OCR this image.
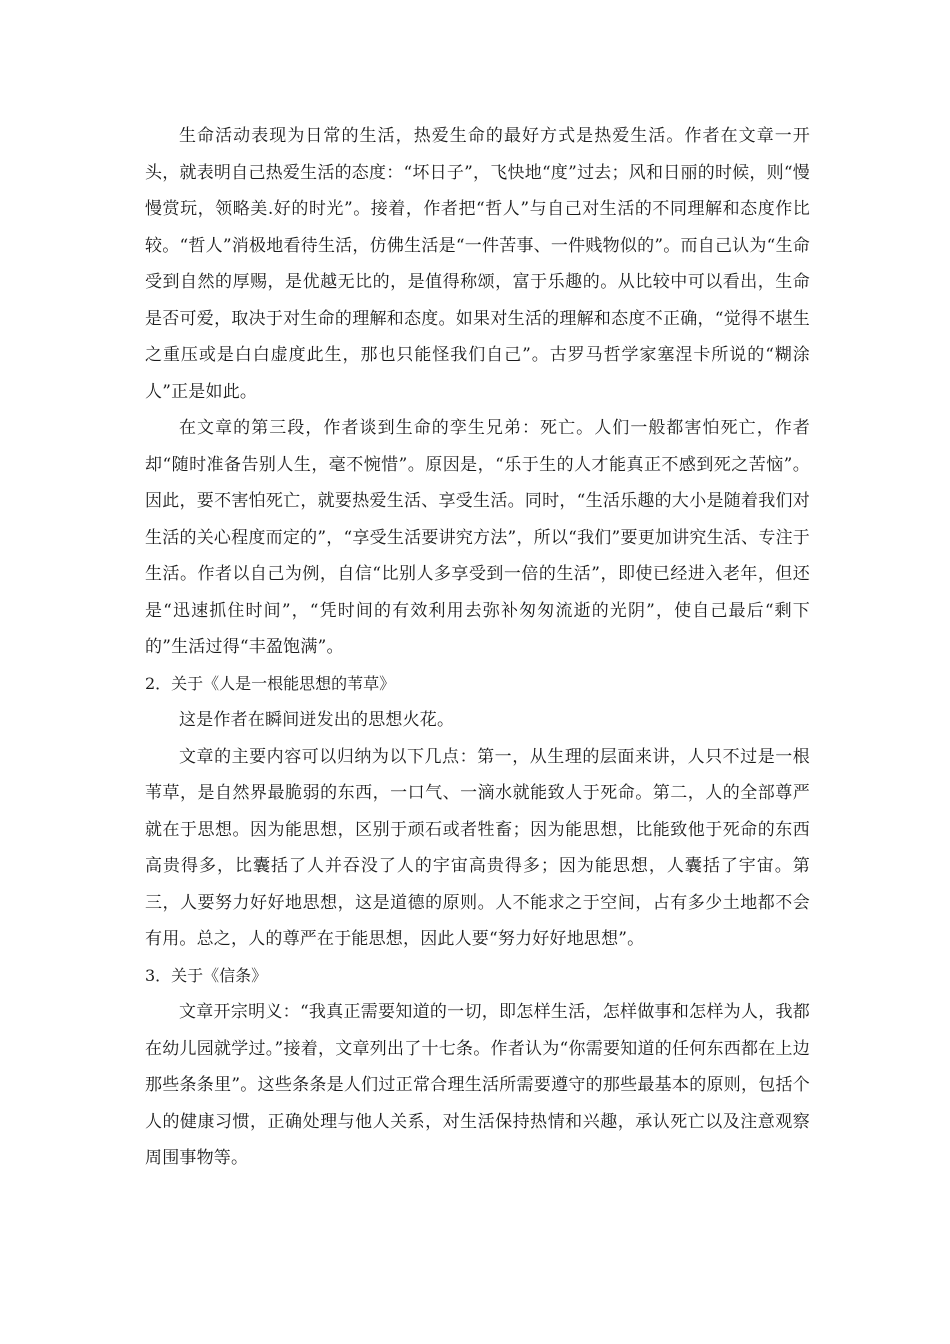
生命活动表现为日常的生活，热爱生命的最好方式是热爱生活。作者在文章一开头，就表明自己热爱生活的态度：“坏日子”，飞快地“度”过去；风和日丽的时候，则“慢慢赏玩，领略美.好的时光”。接着，作者把“哲人”与自己对生活的不同理解和态度作比较。“哲人”消极地看待生活，仿佛生活是“一件苦事、一件贱物似的”。而自己认为“生命受到自然的厚赐，是优越无比的，是值得称颂，富于乐趣的。从比较中可以看出，生命是否可爱，取决于对生命的理解和态度。如果对生活的理解和态度不正确，“觉得不堪生之重压或是白白虚度此生，那也只能怪我们自己”。古罗马哲学家塞涅卡所说的“糊涂人”正是如此。

在文章的第三段，作者谈到生命的孪生兄弟：死亡。人们一般都害怕死亡，作者却“随时准备告别人生，毫不惋惜”。原因是，“乐于生的人才能真正不感到死之苦恼”。因此，要不害怕死亡，就要热爱生活、享受生活。同时，“生活乐趣的大小是随着我们对生活的关心程度而定的”，“享受生活要讲究方法”，所以“我们”要更加讲究生活、专注于生活。作者以自己为例，自信“比别人多享受到一倍的生活”，即使已经进入老年，但还是“迅速抓住时间”，“凭时间的有效利用去弥补匆匆流逝的光阴”，使自己最后“剩下的”生活过得“丰盈饱满”。

2．关于《人是一根能思想的苇草》

这是作者在瞬间迸发出的思想火花。

文章的主要内容可以归纳为以下几点：第一，从生理的层面来讲，人只不过是一根苇草，是自然界最脆弱的东西，一口气、一滴水就能致人于死命。第二，人的全部尊严就在于思想。因为能思想，区别于顽石或者牲畜；因为能思想，比能致他于死命的东西高贵得多，比囊括了人并吞没了人的宇宙高贵得多；因为能思想，人囊括了宇宙。第三，人要努力好好地思想，这是道德的原则。人不能求之于空间，占有多少土地都不会有用。总之，人的尊严在于能思想，因此人要“努力好好地思想”。

3．关于《信条》

文章开宗明义：“我真正需要知道的一切，即怎样生活，怎样做事和怎样为人，我都在幼儿园就学过。”接着，文章列出了十七条。作者认为“你需要知道的任何东西都在上边那些条条里”。这些条条是人们过正常合理生活所需要遵守的那些最基本的原则，包括个人的健康习惯，正确处理与他人关系，对生活保持热情和兴趣，承认死亡以及注意观察周围事物等。
